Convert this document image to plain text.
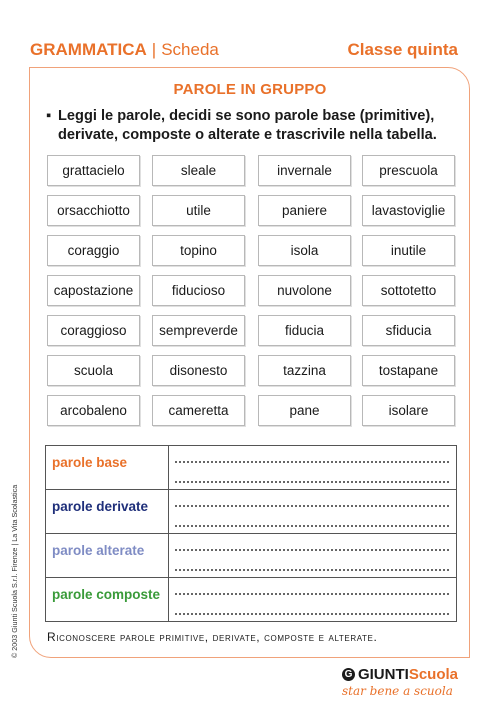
GRAMMATICA | Scheda	Classe quinta
PAROLE IN GRUPPO
▪ Leggi le parole, decidi se sono parole base (primitive), derivate, composte o alterate e trascrivile nella tabella.
grattacielo	sleale	invernale	prescuola
orsacchiotto	utile	paniere	lavastoviglie
coraggio	topino	isola	inutile
capostazione	fiducioso	nuvolone	sottotetto
coraggioso	sempreverde	fiducia	sfiducia
scuola	disonesto	tazzina	tostapane
arcobaleno	cameretta	pane	isolare
parole base	

parole derivate	

parole alterate	

parole composte	
Riconoscere parole primitive, derivate, composte e alterate.
© 2003 Giunti Scuola S.r.l. Firenze | La Vita Scolastica
G GIUNTI Scuola
star bene a scuola
